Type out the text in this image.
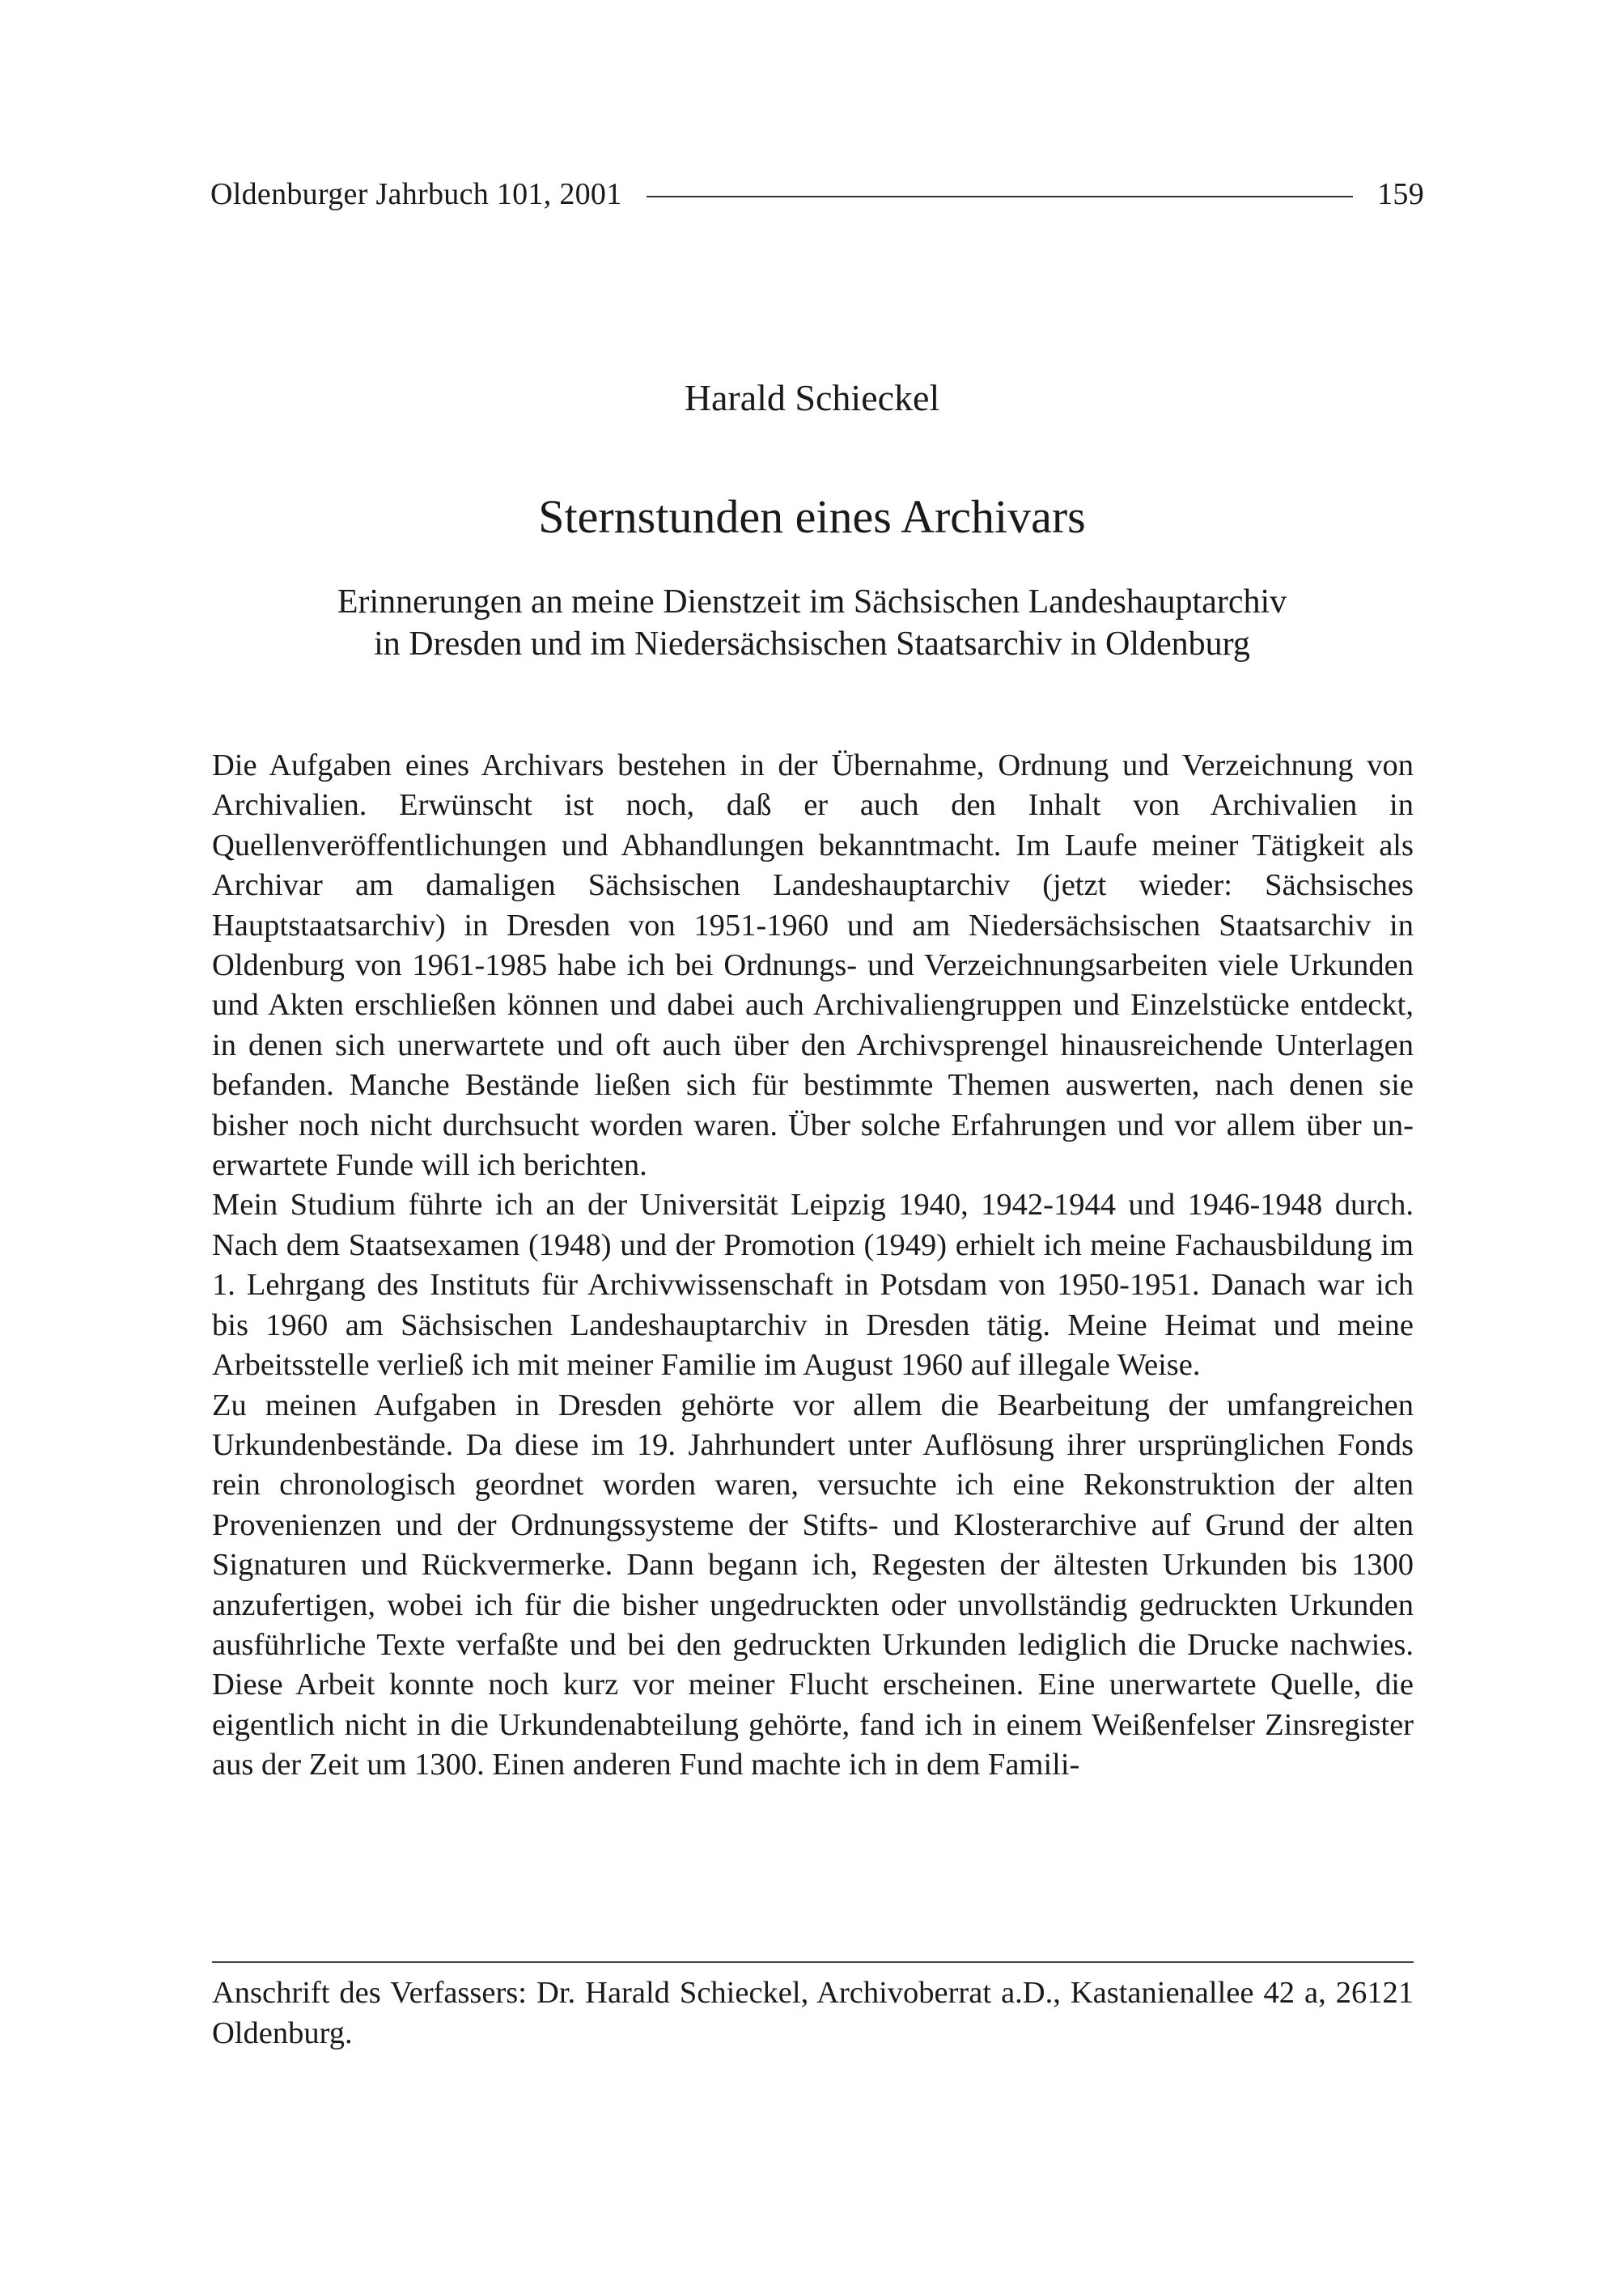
Oldenburger Jahrbuch 101, 2001	159
Harald Schieckel
Sternstunden eines Archivars
Erinnerungen an meine Dienstzeit im Sächsischen Landeshauptarchiv
in Dresden und im Niedersächsischen Staatsarchiv in Oldenburg

Die Aufgaben eines Archivars bestehen in der Übernahme, Ordnung und Verzeichnung von Archivalien. Erwünscht ist noch, daß er auch den Inhalt von Archivalien in Quellenveröffentlichungen und Abhandlungen bekanntmacht. Im Laufe meiner Tätigkeit als Archivar am damaligen Sächsischen Landeshauptarchiv (jetzt wieder: Sächsisches Hauptstaatsarchiv) in Dresden von 1951-1960 und am Niedersächsischen Staatsarchiv in Oldenburg von 1961-1985 habe ich bei Ordnungs- und Verzeichnungsarbeiten viele Urkunden und Akten erschließen können und dabei auch Archivaliengruppen und Einzelstücke entdeckt, in denen sich unerwartete und oft auch über den Archivsprengel hinausreichende Unterlagen befanden. Manche Bestände ließen sich für bestimmte Themen auswerten, nach denen sie bisher noch nicht durchsucht worden waren. Über solche Erfahrungen und vor allem über unerwartete Funde will ich berichten.

Mein Studium führte ich an der Universität Leipzig 1940, 1942-1944 und 1946-1948 durch. Nach dem Staatsexamen (1948) und der Promotion (1949) erhielt ich meine Fachausbildung im 1. Lehrgang des Instituts für Archivwissenschaft in Potsdam von 1950-1951. Danach war ich bis 1960 am Sächsischen Landeshauptarchiv in Dresden tätig. Meine Heimat und meine Arbeitsstelle verließ ich mit meiner Familie im August 1960 auf illegale Weise.

Zu meinen Aufgaben in Dresden gehörte vor allem die Bearbeitung der umfangreichen Urkundenbestände. Da diese im 19. Jahrhundert unter Auflösung ihrer ursprünglichen Fonds rein chronologisch geordnet worden waren, versuchte ich eine Rekonstruktion der alten Provenienzen und der Ordnungssysteme der Stifts- und Klosterarchive auf Grund der alten Signaturen und Rückvermerke. Dann begann ich, Regesten der ältesten Urkunden bis 1300 anzufertigen, wobei ich für die bisher ungedruckten oder unvollständig gedruckten Urkunden ausführliche Texte verfaßte und bei den gedruckten Urkunden lediglich die Drucke nachwies. Diese Arbeit konnte noch kurz vor meiner Flucht erscheinen. Eine unerwartete Quelle, die eigentlich nicht in die Urkundenabteilung gehörte, fand ich in einem Weißenfelser Zinsregister aus der Zeit um 1300. Einen anderen Fund machte ich in dem Famili-

Anschrift des Verfassers: Dr. Harald Schieckel, Archivoberrat a.D., Kastanienallee 42 a, 26121 Oldenburg.
